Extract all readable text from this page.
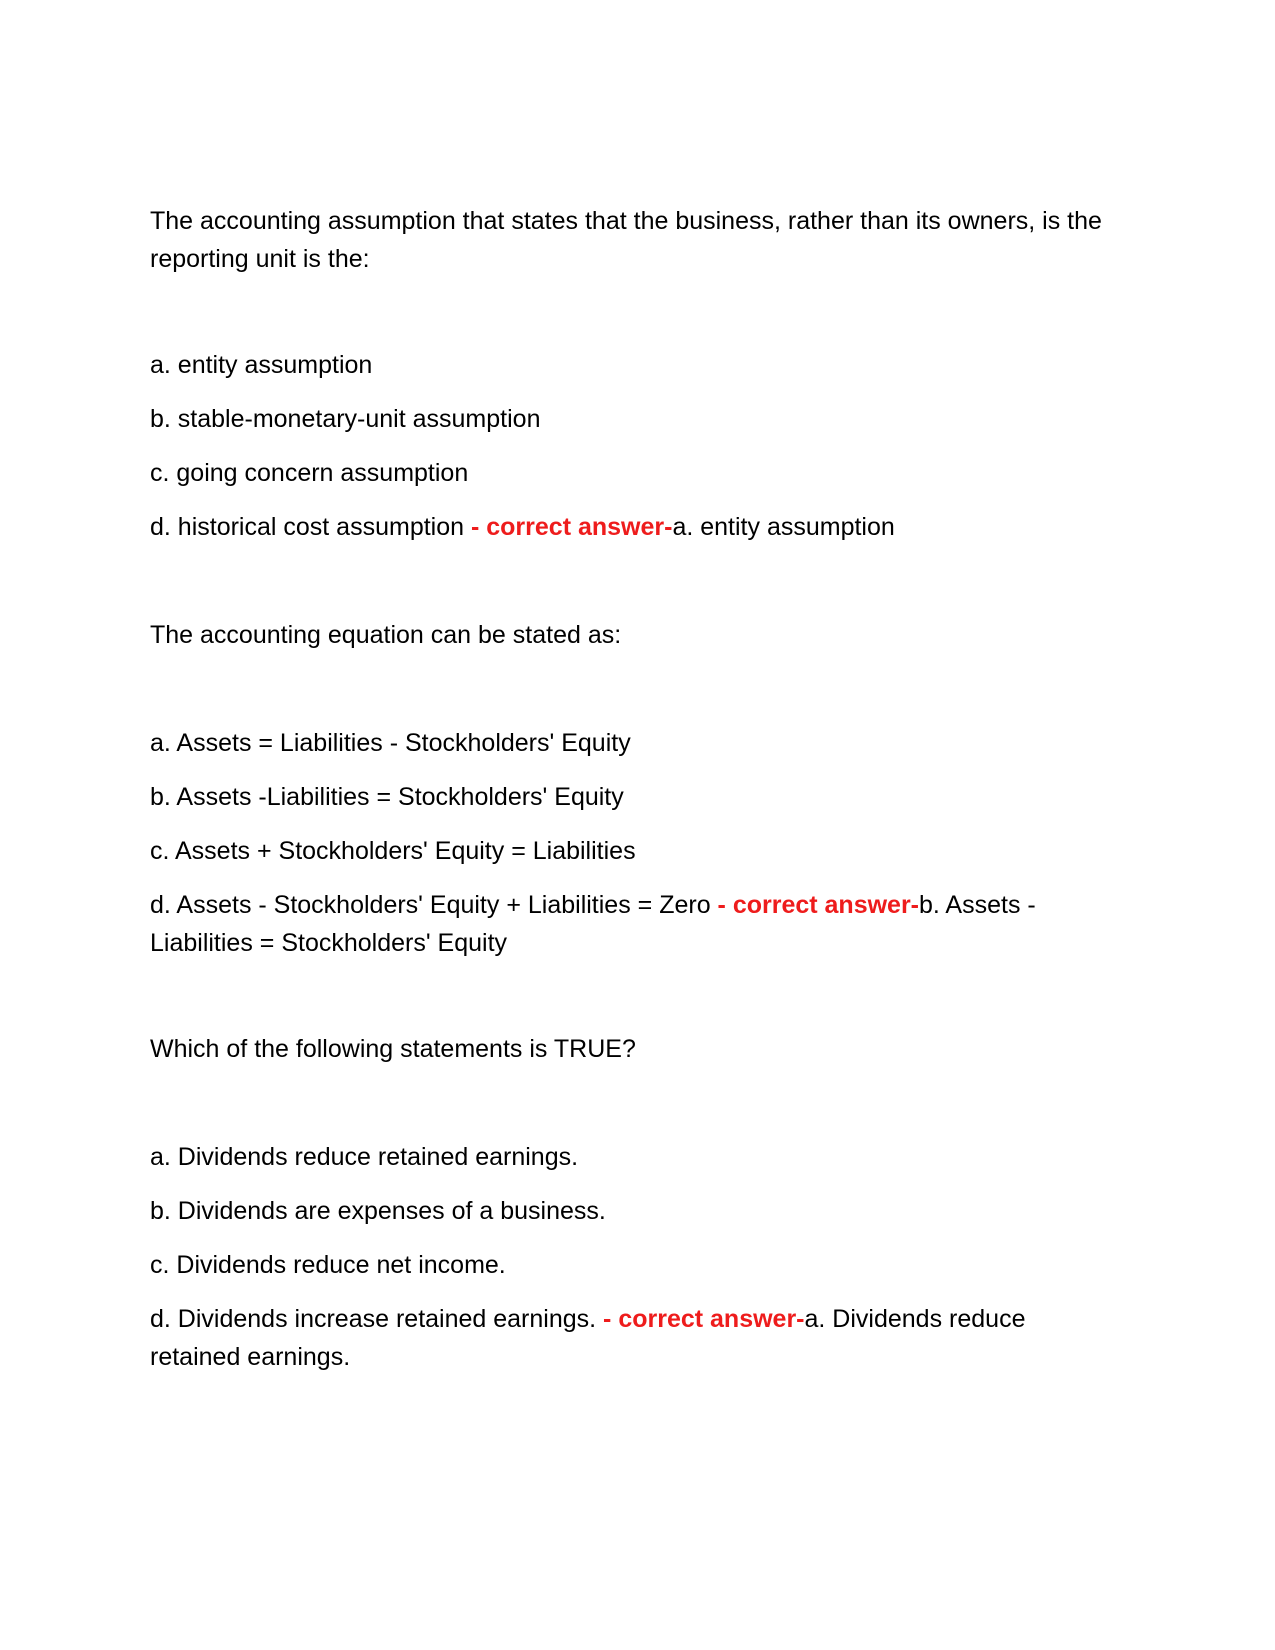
The accounting assumption that states that the business, rather than its owners, is the reporting unit is the:
a. entity assumption
b. stable-monetary-unit assumption
c. going concern assumption
d. historical cost assumption - correct answer-a. entity assumption
The accounting equation can be stated as:
a. Assets = Liabilities - Stockholders' Equity
b. Assets -Liabilities = Stockholders' Equity
c. Assets + Stockholders' Equity = Liabilities
d. Assets - Stockholders' Equity + Liabilities = Zero - correct answer-b. Assets - Liabilities = Stockholders' Equity
Which of the following statements is TRUE?
a. Dividends reduce retained earnings.
b. Dividends are expenses of a business.
c. Dividends reduce net income.
d. Dividends increase retained earnings. - correct answer-a. Dividends reduce retained earnings.
